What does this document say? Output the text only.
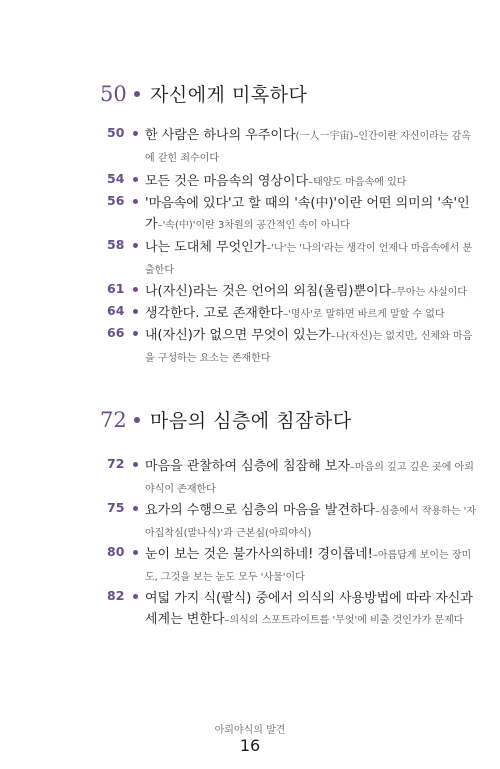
50	자신에게 미혹하다
50	한 사람은 하나의 우주이다(一人一宇宙)–인간이란 자신이라는 감옥에 갇힌 죄수이다
54	모든 것은 마음속의 영상이다–태양도 마음속에 있다
56	'마음속에 있다'고 할 때의 '속(中)'이란 어떤 의미의 '속'인가–'속(中)'이란 3차원의 공간적인 속이 아니다
58	나는 도대체 무엇인가–'나'는 '나의'라는 생각이 언제나 마음속에서 분출한다
61	나(자신)라는 것은 언어의 외침(울림)뿐이다–무아는 사실이다
64	생각한다. 고로 존재한다–'명사'로 말하면 바르게 말할 수 없다
66	내(자신)가 없으면 무엇이 있는가–나(자신)는 없지만, 신체와 마음을 구성하는 요소는 존재한다
72	마음의 심층에 침잠하다
72	마음을 관찰하여 심층에 침잠해 보자–마음의 깊고 깊은 곳에 아뢰야식이 존재한다
75	요가의 수행으로 심층의 마음을 발견하다–심층에서 작용하는 '자아집착심(말나식)'과 근본심(아뢰야식)
80	눈이 보는 것은 불가사의하네! 경이롭네!–아름답게 보이는 장미도, 그것을 보는 눈도 모두 '사물'이다
82	여덟 가지 식(팔식) 중에서 의식의 사용방법에 따라 자신과 세계는 변한다–의식의 스포트라이트를 '무엇'에 비출 것인가가 문제다
아뢰야식의 발견
16
